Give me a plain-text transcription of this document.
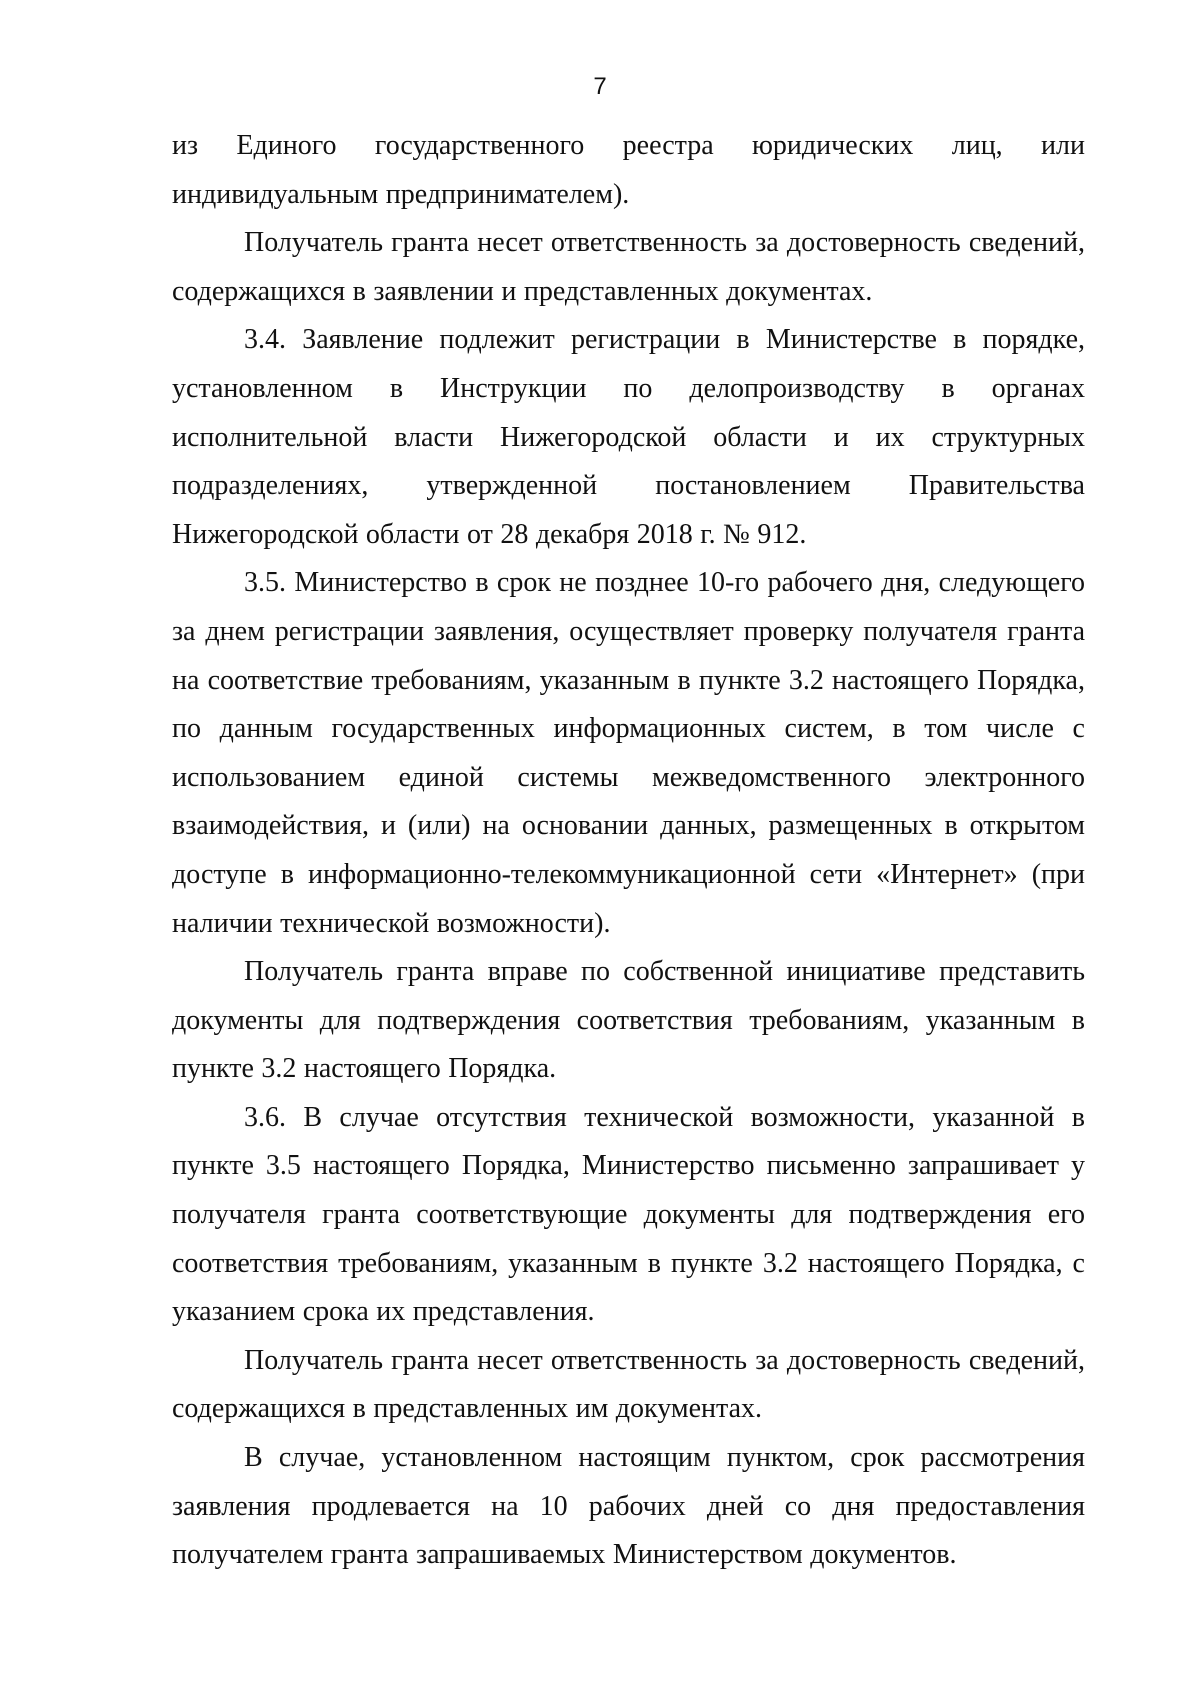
7

из Единого государственного реестра юридических лиц, или индивидуальным предпринимателем).

Получатель гранта несет ответственность за достоверность сведений, содержащихся в заявлении и представленных документах.

3.4. Заявление подлежит регистрации в Министерстве в порядке, установленном в Инструкции по делопроизводству в органах исполнительной власти Нижегородской области и их структурных подразделениях, утвержденной постановлением Правительства Нижегородской области от 28 декабря 2018 г. № 912.

3.5. Министерство в срок не позднее 10-го рабочего дня, следующего за днем регистрации заявления, осуществляет проверку получателя гранта на соответствие требованиям, указанным в пункте 3.2 настоящего Порядка, по данным государственных информационных систем, в том числе с использованием единой системы межведомственного электронного взаимодействия, и (или) на основании данных, размещенных в открытом доступе в информационно-телекоммуникационной сети «Интернет» (при наличии технической возможности).

Получатель гранта вправе по собственной инициативе представить документы для подтверждения соответствия требованиям, указанным в пункте 3.2 настоящего Порядка.

3.6. В случае отсутствия технической возможности, указанной в пункте 3.5 настоящего Порядка, Министерство письменно запрашивает у получателя гранта соответствующие документы для подтверждения его соответствия требованиям, указанным в пункте 3.2 настоящего Порядка, с указанием срока их представления.

Получатель гранта несет ответственность за достоверность сведений, содержащихся в представленных им документах.

В случае, установленном настоящим пунктом, срок рассмотрения заявления продлевается на 10 рабочих дней со дня предоставления получателем гранта запрашиваемых Министерством документов.
